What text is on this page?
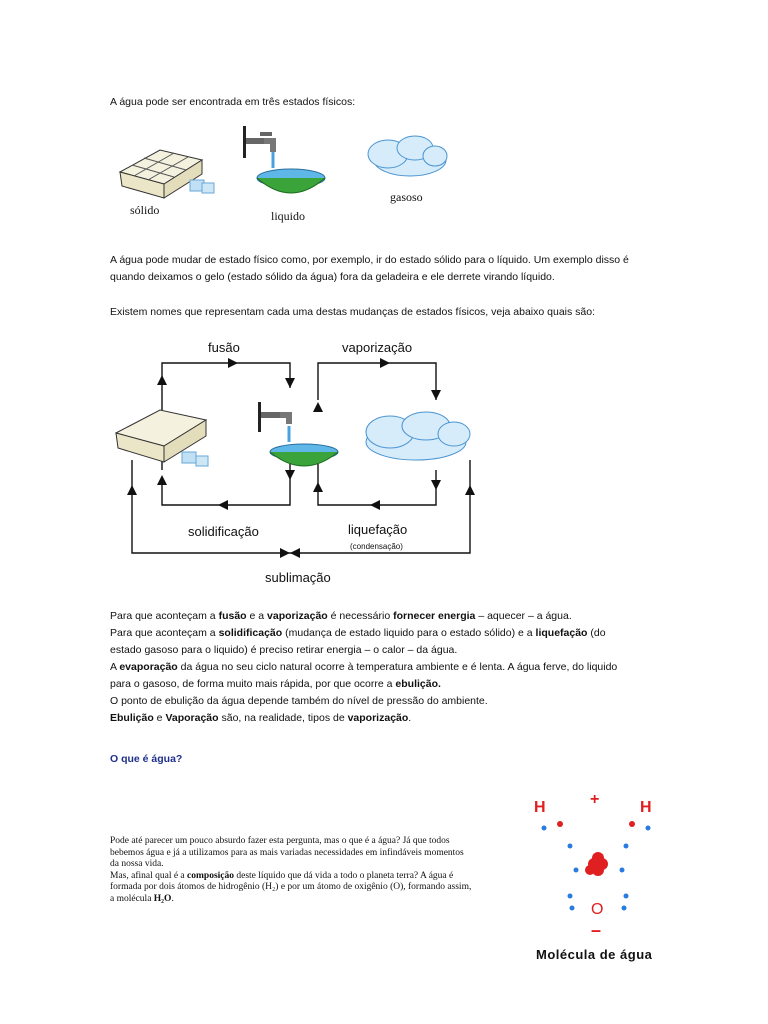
A água pode ser encontrada em três estados físicos:
sólido	liquido
gasoso
A água pode mudar de estado físico como, por exemplo, ir do estado sólido para o líquido. Um exemplo disso é
quando deixamos o gelo (estado sólido da água) fora da geladeira e ele derrete virando líquido.
Existem nomes que representam cada uma destas mudanças de estados físicos, veja abaixo quais são:
fusão	vaporização
solidificação	liquefação
(condensação)
sublimação
Para que aconteçam a fusão e a vaporização é necessário fornecer energia – aquecer – a água.
Para que aconteçam a solidificação (mudança de estado liquido para o estado sólido) e a liquefação (do
estado gasoso para o liquido) é preciso retirar energia – o calor – da água.
A evaporação da água no seu ciclo natural ocorre à temperatura ambiente e é lenta. A água ferve, do liquido
para o gasoso, de forma muito mais rápida, por que ocorre a ebulição.
O ponto de ebulição da água depende também do nível de pressão do ambiente.
Ebulição e Vaporação são, na realidade, tipos de vaporização.
O que é água?
Pode até parecer um pouco absurdo fazer esta pergunta, mas o que é a água? Já que todos
bebemos água e já a utilizamos para as mais variadas necessidades em infindáveis momentos
da nossa vida.
Mas, afinal qual é a composição deste líquido que dá vida a todo o planeta terra? A água é
formada por dois átomos de hidrogênio (H₂) e por um átomo de oxigênio (O), formando assim,
a molécula H₂O.
H	+	H
O
–
Molécula de água
